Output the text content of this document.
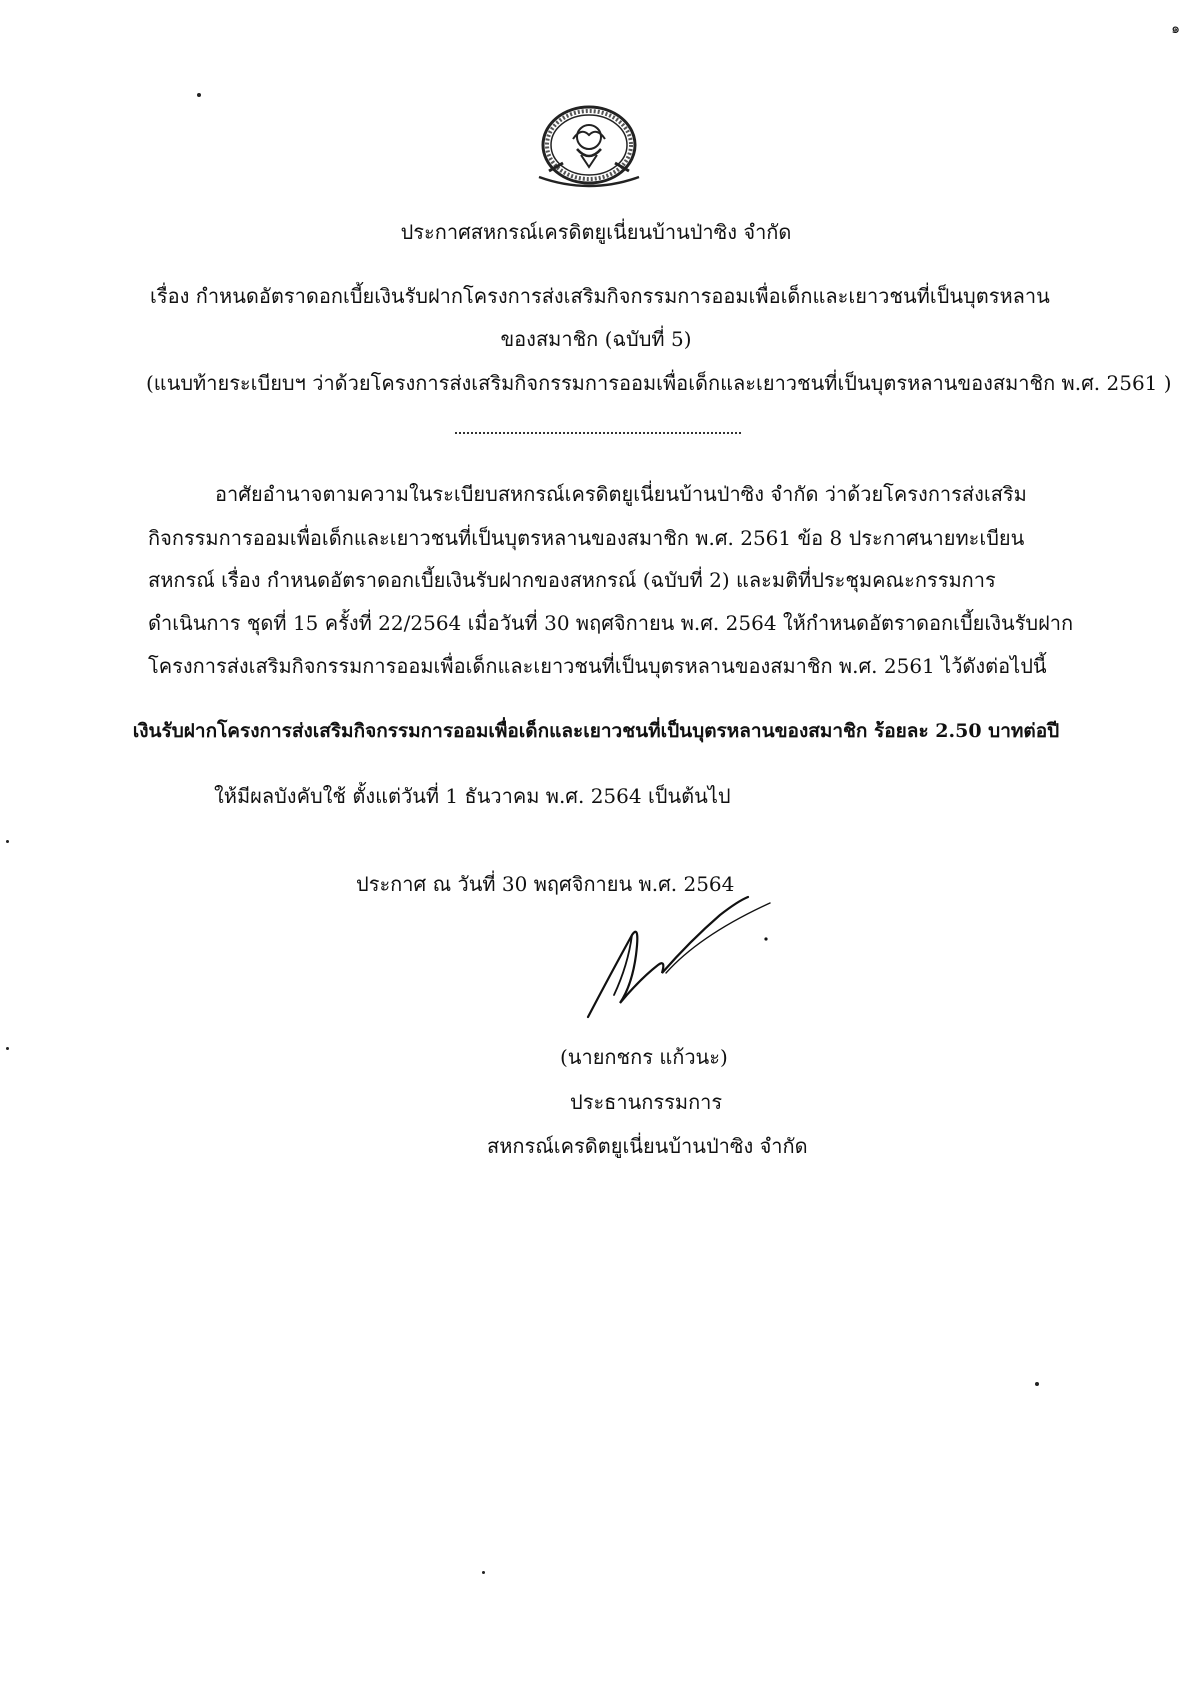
๑
ประกาศสหกรณ์เครดิตยูเนี่ยนบ้านป่าซิง จำกัด
เรื่อง กำหนดอัตราดอกเบี้ยเงินรับฝากโครงการส่งเสริมกิจกรรมการออมเพื่อเด็กและเยาวชนที่เป็นบุตรหลาน
ของสมาชิก (ฉบับที่ 5)
(แนบท้ายระเบียบฯ ว่าด้วยโครงการส่งเสริมกิจกรรมการออมเพื่อเด็กและเยาวชนที่เป็นบุตรหลานของสมาชิก พ.ศ. 2561 )
อาศัยอำนาจตามความในระเบียบสหกรณ์เครดิตยูเนี่ยนบ้านป่าซิง จำกัด ว่าด้วยโครงการส่งเสริม
กิจกรรมการออมเพื่อเด็กและเยาวชนที่เป็นบุตรหลานของสมาชิก พ.ศ. 2561 ข้อ 8 ประกาศนายทะเบียน
สหกรณ์ เรื่อง กำหนดอัตราดอกเบี้ยเงินรับฝากของสหกรณ์ (ฉบับที่ 2) และมติที่ประชุมคณะกรรมการ
ดำเนินการ ชุดที่ 15 ครั้งที่ 22/2564 เมื่อวันที่ 30 พฤศจิกายน พ.ศ. 2564 ให้กำหนดอัตราดอกเบี้ยเงินรับฝาก
โครงการส่งเสริมกิจกรรมการออมเพื่อเด็กและเยาวชนที่เป็นบุตรหลานของสมาชิก พ.ศ. 2561 ไว้ดังต่อไปนี้
เงินรับฝากโครงการส่งเสริมกิจกรรมการออมเพื่อเด็กและเยาวชนที่เป็นบุตรหลานของสมาชิก ร้อยละ 2.50 บาทต่อปี
ให้มีผลบังคับใช้ ตั้งแต่วันที่ 1 ธันวาคม พ.ศ. 2564 เป็นต้นไป
ประกาศ ณ วันที่ 30 พฤศจิกายน พ.ศ. 2564
(นายกชกร แก้วนะ)
ประธานกรรมการ
สหกรณ์เครดิตยูเนี่ยนบ้านป่าซิง จำกัด
